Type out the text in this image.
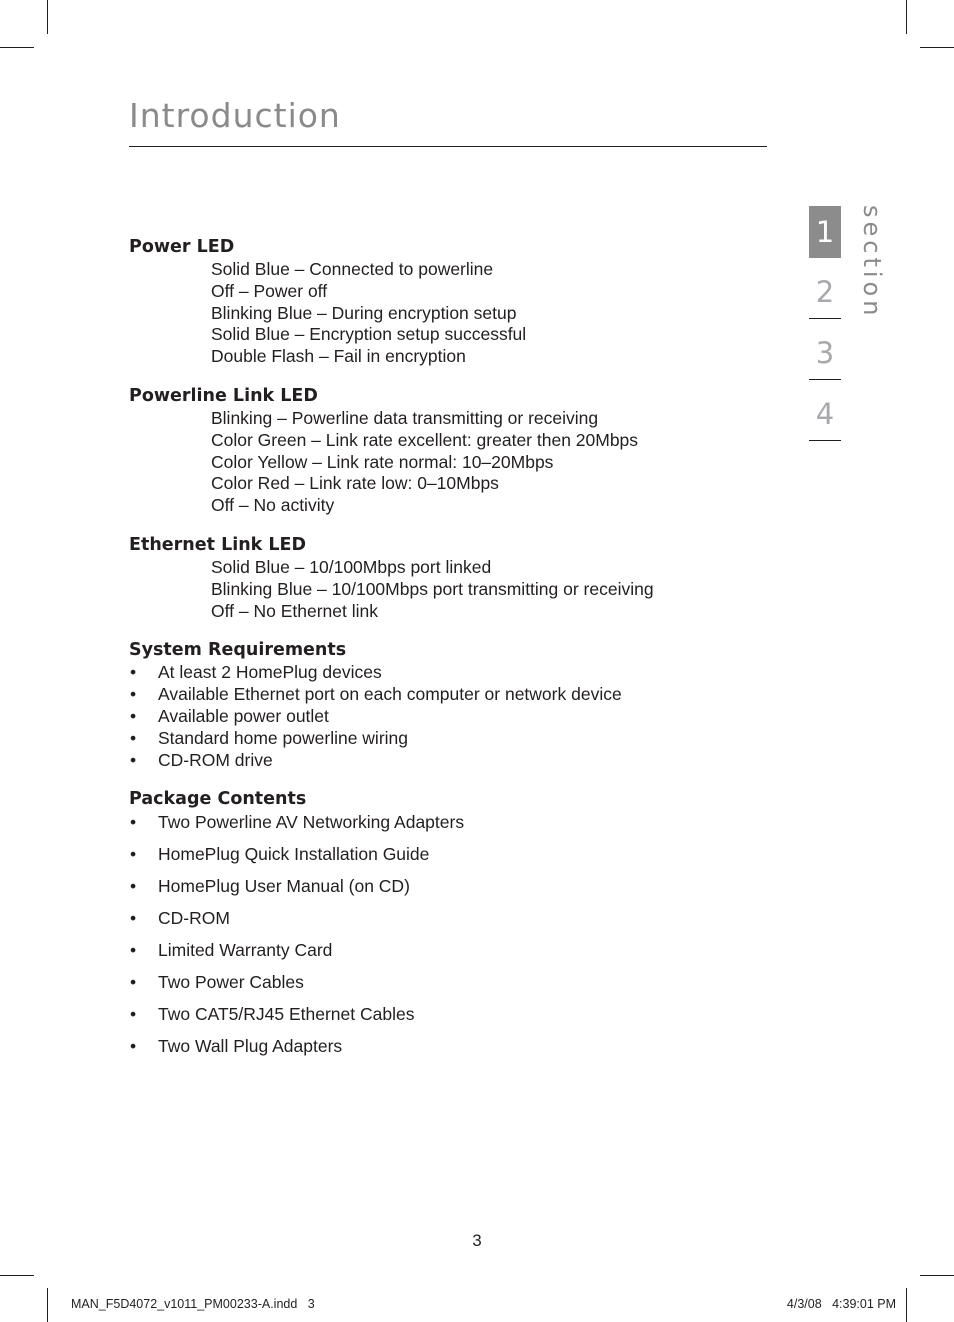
Introduction
1
2
3
4
section
Power LED
Solid Blue – Connected to powerline
Off – Power off
Blinking Blue – During encryption setup
Solid Blue – Encryption setup successful
Double Flash – Fail in encryption
Powerline Link LED
Blinking – Powerline data transmitting or receiving
Color Green – Link rate excellent: greater then 20Mbps
Color Yellow – Link rate normal: 10–20Mbps
Color Red – Link rate low: 0–10Mbps
Off – No activity
Ethernet Link LED
Solid Blue – 10/100Mbps port linked
Blinking Blue – 10/100Mbps port transmitting or receiving
Off – No Ethernet link
System Requirements
• At least 2 HomePlug devices
• Available Ethernet port on each computer or network device
• Available power outlet
• Standard home powerline wiring
• CD-ROM drive
Package Contents
• Two Powerline AV Networking Adapters
• HomePlug Quick Installation Guide
• HomePlug User Manual (on CD)
• CD-ROM
• Limited Warranty Card
• Two Power Cables
• Two CAT5/RJ45 Ethernet Cables
• Two Wall Plug Adapters
3
MAN_F5D4072_v1011_PM00233-A.indd   3	4/3/08   4:39:01 PM
